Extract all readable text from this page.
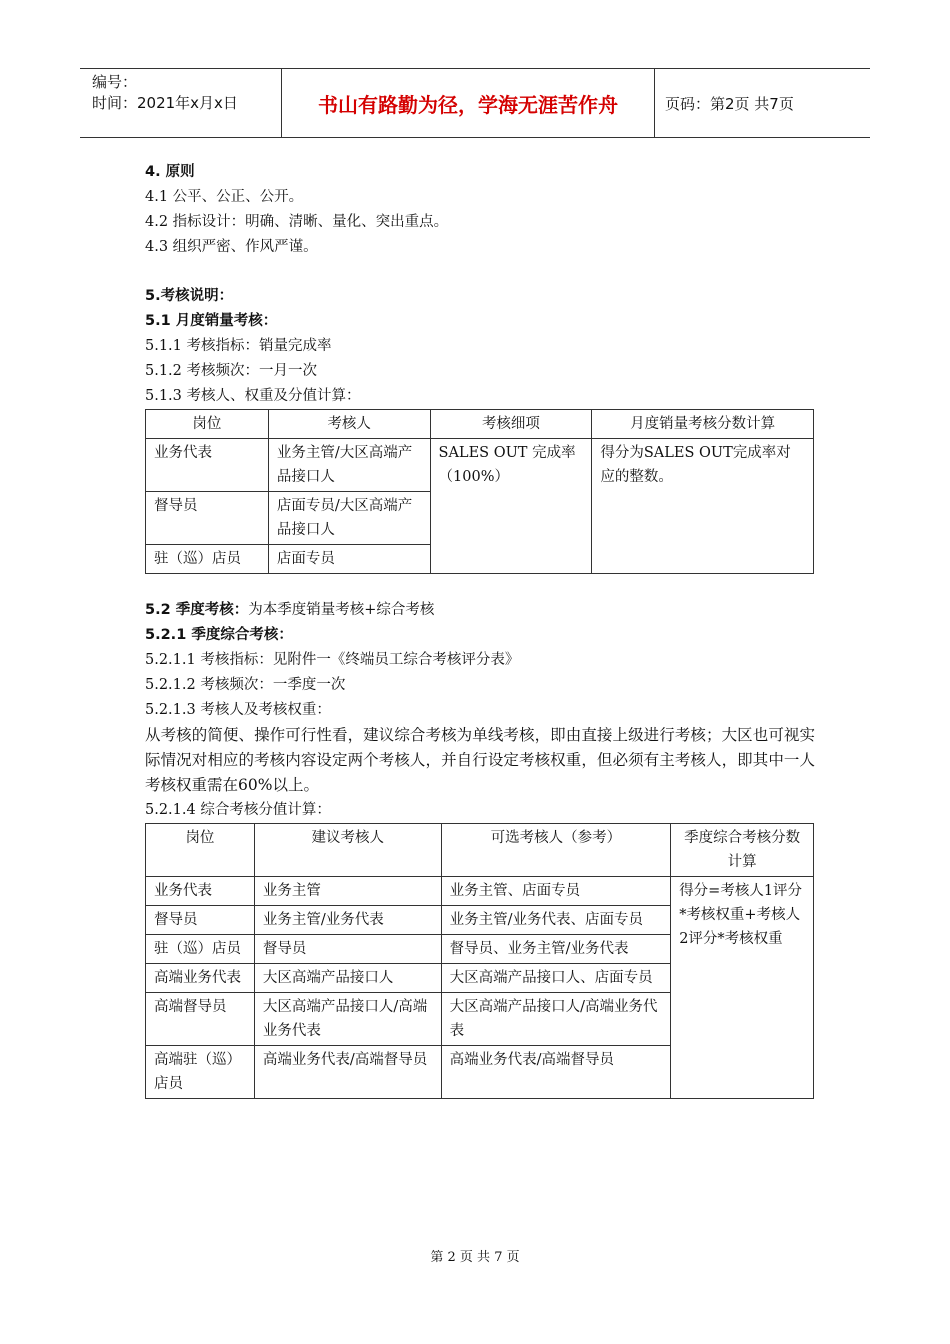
编号：
时间：2021年x月x日	书山有路勤为径，学海无涯苦作舟	页码：第2页 共7页
4. 原则
4.1 公平、公正、公开。
4.2 指标设计：明确、清晰、量化、突出重点。
4.3 组织严密、作风严谨。
5.考核说明：
5.1 月度销量考核：
5.1.1 考核指标：销量完成率
5.1.2 考核频次：一月一次
5.1.3 考核人、权重及分值计算：
岗位	考核人	考核细项	月度销量考核分数计算
业务代表	业务主管/大区高端产品接口人	SALES OUT 完成率（100%）	得分为SALES OUT完成率对应的整数。
督导员	店面专员/大区高端产品接口人		
驻（巡）店员	店面专员		
5.2 季度考核：为本季度销量考核+综合考核
5.2.1 季度综合考核：
5.2.1.1 考核指标：见附件一《终端员工综合考核评分表》
5.2.1.2 考核频次：一季度一次
5.2.1.3 考核人及考核权重：
从考核的简便、操作可行性看，建议综合考核为单线考核，即由直接上级进行考核；大区也可视实际情况对相应的考核内容设定两个考核人，并自行设定考核权重，但必须有主考核人，即其中一人考核权重需在60%以上。
5.2.1.4 综合考核分值计算：
岗位	建议考核人	可选考核人（参考）	季度综合考核分数计算
业务代表	业务主管	业务主管、店面专员	得分=考核人1评分*考核权重+考核人2评分*考核权重
督导员	业务主管/业务代表	业务主管/业务代表、店面专员	
驻（巡）店员	督导员	督导员、业务主管/业务代表	
高端业务代表	大区高端产品接口人	大区高端产品接口人、店面专员	
高端督导员	大区高端产品接口人/高端业务代表	大区高端产品接口人/高端业务代表	
高端驻（巡）店员	高端业务代表/高端督导员	高端业务代表/高端督导员	
第 2 页 共 7 页
